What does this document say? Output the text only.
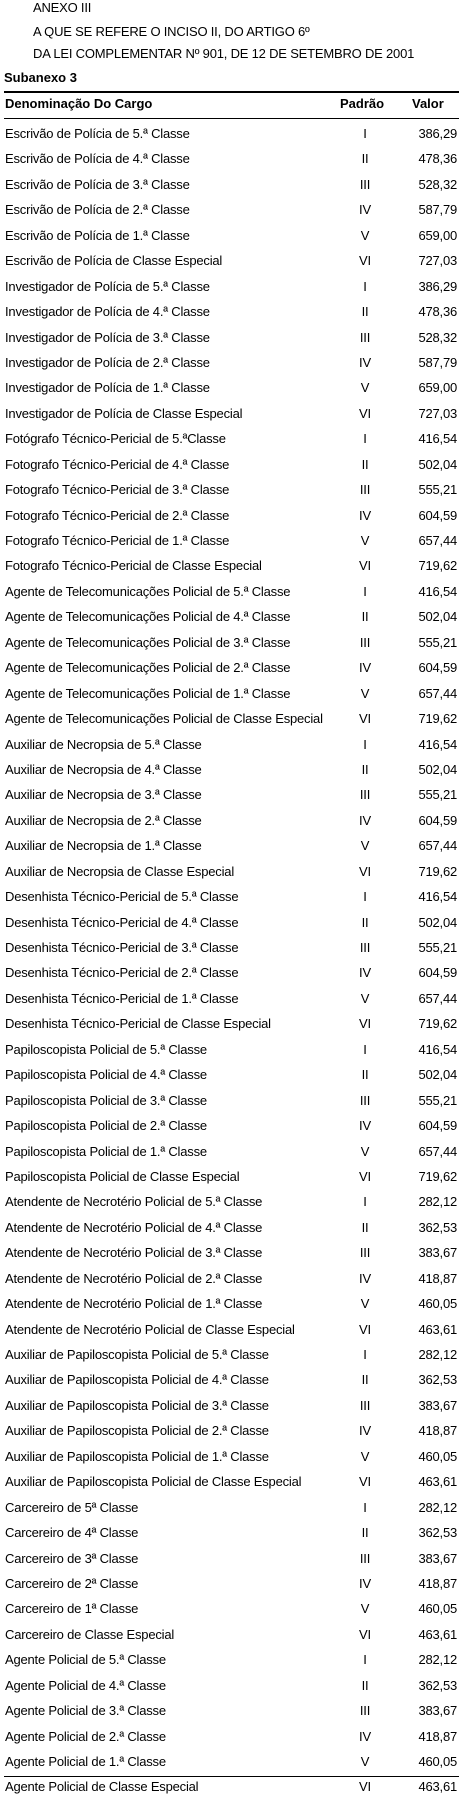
ANEXO III
A QUE SE REFERE O INCISO II, DO ARTIGO 6º
DA LEI COMPLEMENTAR Nº 901, DE 12 DE SETEMBRO DE 2001
Subanexo 3
Denominação Do Cargo	Padrão Valor
Escrivão de Polícia de 5.ª Classe	I	386,29
Escrivão de Polícia de 4.ª Classe	II	478,36
Escrivão de Polícia de 3.ª Classe	III	528,32
Escrivão de Polícia de 2.ª Classe	IV	587,79
Escrivão de Polícia de 1.ª Classe	V	659,00
Escrivão de Polícia de Classe Especial	VI	727,03
Investigador de Polícia de 5.ª Classe	I	386,29
Investigador de Polícia de 4.ª Classe	II	478,36
Investigador de Polícia de 3.ª Classe	III	528,32
Investigador de Polícia de 2.ª Classe	IV	587,79
Investigador de Polícia de 1.ª Classe	V	659,00
Investigador de Polícia de Classe Especial	VI	727,03
Fotógrafo Técnico-Pericial de 5.ªClasse	I	416,54
Fotografo Técnico-Pericial de 4.ª Classe	II	502,04
Fotografo Técnico-Pericial de 3.ª Classe	III	555,21
Fotografo Técnico-Pericial de 2.ª Classe	IV	604,59
Fotografo Técnico-Pericial de 1.ª Classe	V	657,44
Fotografo Técnico-Pericial de Classe Especial	VI	719,62
Agente de Telecomunicações Policial de 5.ª Classe	I	416,54
Agente de Telecomunicações Policial de 4.ª Classe	II	502,04
Agente de Telecomunicações Policial de 3.ª Classe	III	555,21
Agente de Telecomunicações Policial de 2.ª Classe	IV	604,59
Agente de Telecomunicações Policial de 1.ª Classe	V	657,44
Agente de Telecomunicações Policial de Classe Especial	VI	719,62
Auxiliar de Necropsia de 5.ª Classe	I	416,54
Auxiliar de Necropsia de 4.ª Classe	II	502,04
Auxiliar de Necropsia de 3.ª Classe	III	555,21
Auxiliar de Necropsia de 2.ª Classe	IV	604,59
Auxiliar de Necropsia de 1.ª Classe	V	657,44
Auxiliar de Necropsia de Classe Especial	VI	719,62
Desenhista Técnico-Pericial de 5.ª Classe	I	416,54
Desenhista Técnico-Pericial de 4.ª Classe	II	502,04
Desenhista Técnico-Pericial de 3.ª Classe	III	555,21
Desenhista Técnico-Pericial de 2.ª Classe	IV	604,59
Desenhista Técnico-Pericial de 1.ª Classe	V	657,44
Desenhista Técnico-Pericial de Classe Especial	VI	719,62
Papiloscopista Policial de 5.ª Classe	I	416,54
Papiloscopista Policial de 4.ª Classe	II	502,04
Papiloscopista Policial de 3.ª Classe	III	555,21
Papiloscopista Policial de 2.ª Classe	IV	604,59
Papiloscopista Policial de 1.ª Classe	V	657,44
Papiloscopista Policial de Classe Especial	VI	719,62
Atendente de Necrotério Policial de 5.ª Classe	I	282,12
Atendente de Necrotério Policial de 4.ª Classe	II	362,53
Atendente de Necrotério Policial de 3.ª Classe	III	383,67
Atendente de Necrotério Policial de 2.ª Classe	IV	418,87
Atendente de Necrotério Policial de 1.ª Classe	V	460,05
Atendente de Necrotério Policial de Classe Especial	VI	463,61
Auxiliar de Papiloscopista Policial de 5.ª Classe	I	282,12
Auxiliar de Papiloscopista Policial de 4.ª Classe	II	362,53
Auxiliar de Papiloscopista Policial de 3.ª Classe	III	383,67
Auxiliar de Papiloscopista Policial de 2.ª Classe	IV	418,87
Auxiliar de Papiloscopista Policial de 1.ª Classe	V	460,05
Auxiliar de Papiloscopista Policial de Classe Especial	VI	463,61
Carcereiro de 5ª Classe	I	282,12
Carcereiro de 4ª Classe	II	362,53
Carcereiro de 3ª Classe	III	383,67
Carcereiro de 2ª Classe	IV	418,87
Carcereiro de 1ª Classe	V	460,05
Carcereiro de Classe Especial	VI	463,61
Agente Policial de 5.ª Classe	I	282,12
Agente Policial de 4.ª Classe	II	362,53
Agente Policial de 3.ª Classe	III	383,67
Agente Policial de 2.ª Classe	IV	418,87
Agente Policial de 1.ª Classe	V	460,05
Agente Policial de Classe Especial	VI	463,61
